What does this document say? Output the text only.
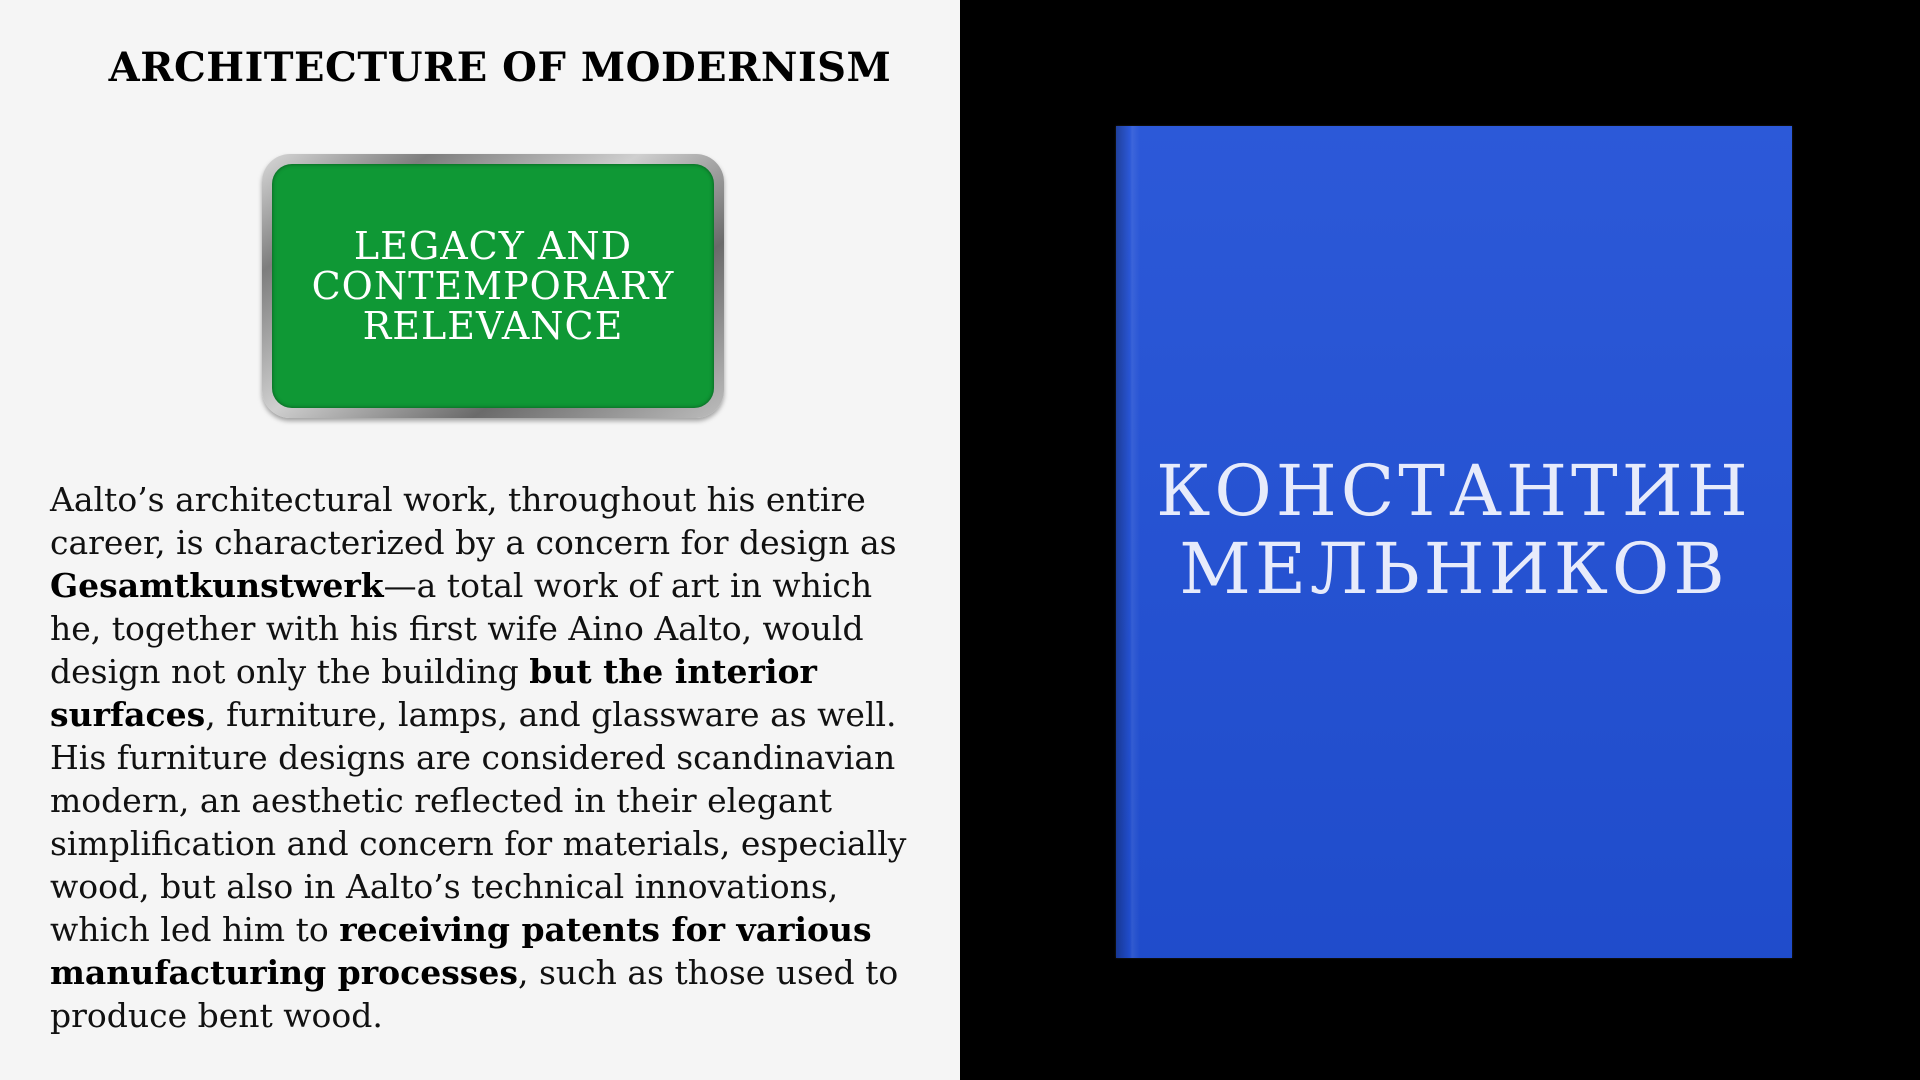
ARCHITECTURE OF MODERNISM

LEGACY AND
CONTEMPORARY
RELEVANCE

Aalto’s architectural work, throughout his entire career, is characterized by a concern for design as Gesamtkunstwerk—a total work of art in which he, together with his first wife Aino Aalto, would design not only the building but the interior surfaces, furniture, lamps, and glassware as well. His furniture designs are considered scandinavian modern, an aesthetic reflected in their elegant simplification and concern for materials, especially wood, but also in Aalto’s technical innovations, which led him to receiving patents for various manufacturing processes, such as those used to produce bent wood.

КОНСТАНТИН
МЕЛЬНИКОВ
